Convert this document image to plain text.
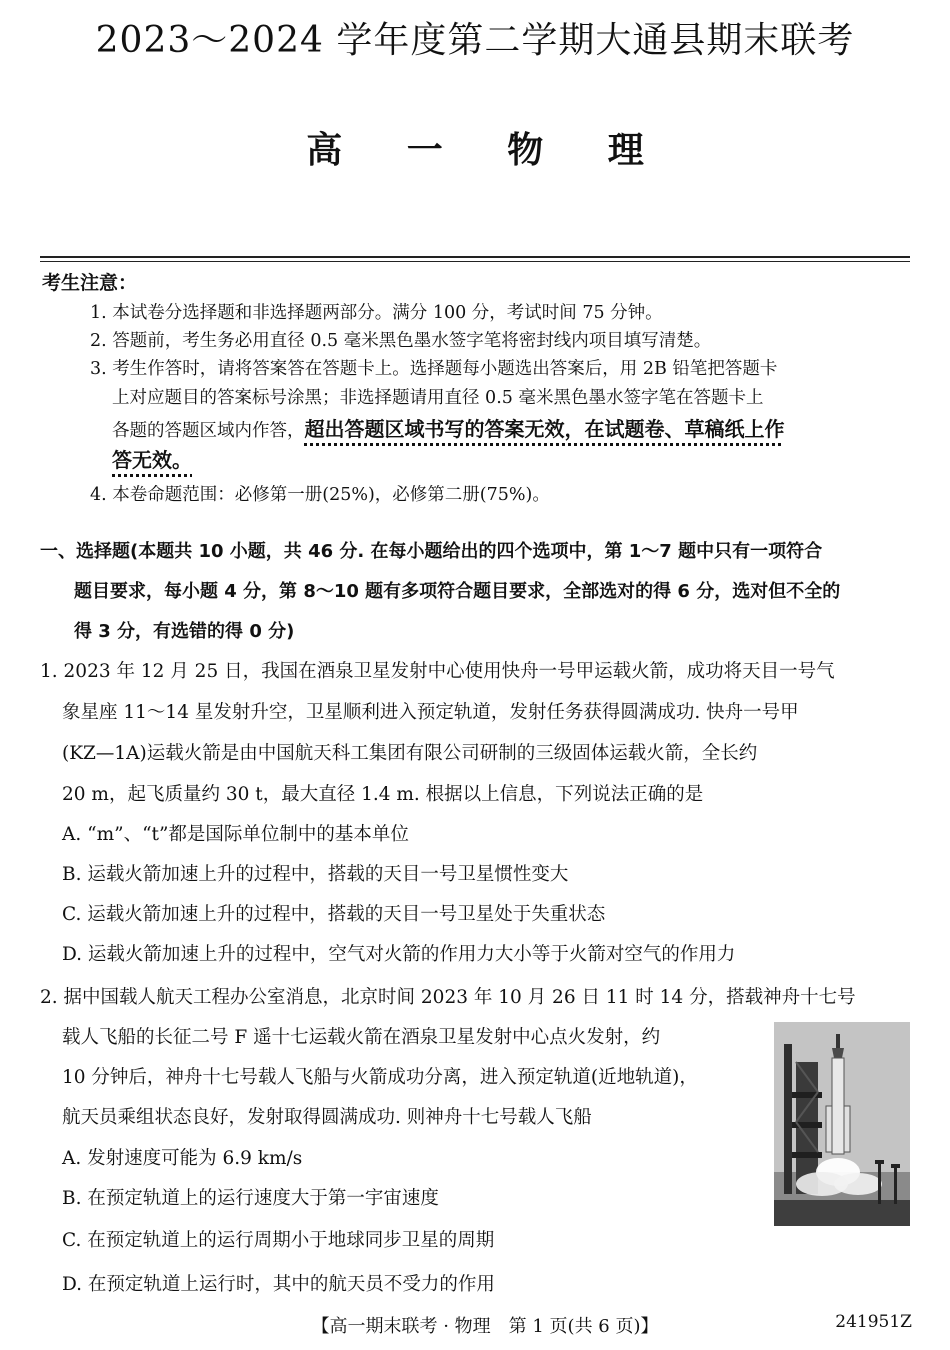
2023～2024 学年度第二学期大通县期末联考
高 一 物 理
考生注意：
1. 本试卷分选择题和非选择题两部分。满分 100 分，考试时间 75 分钟。
2. 答题前，考生务必用直径 0.5 毫米黑色墨水签字笔将密封线内项目填写清楚。
3. 考生作答时，请将答案答在答题卡上。选择题每小题选出答案后，用 2B 铅笔把答题卡
上对应题目的答案标号涂黑；非选择题请用直径 0.5 毫米黑色墨水签字笔在答题卡上
各题的答题区域内作答，超出答题区域书写的答案无效，在试题卷、草稿纸上作
答无效。
4. 本卷命题范围：必修第一册(25%)，必修第二册(75%)。
一、选择题(本题共 10 小题，共 46 分. 在每小题给出的四个选项中，第 1～7 题中只有一项符合
题目要求，每小题 4 分，第 8～10 题有多项符合题目要求，全部选对的得 6 分，选对但不全的
得 3 分，有选错的得 0 分)
1. 2023 年 12 月 25 日，我国在酒泉卫星发射中心使用快舟一号甲运载火箭，成功将天目一号气
象星座 11～14 星发射升空，卫星顺利进入预定轨道，发射任务获得圆满成功. 快舟一号甲
(KZ—1A)运载火箭是由中国航天科工集团有限公司研制的三级固体运载火箭，全长约
20 m，起飞质量约 30 t，最大直径 1.4 m. 根据以上信息，下列说法正确的是
A. “m”、“t”都是国际单位制中的基本单位
B. 运载火箭加速上升的过程中，搭载的天目一号卫星惯性变大
C. 运载火箭加速上升的过程中，搭载的天目一号卫星处于失重状态
D. 运载火箭加速上升的过程中，空气对火箭的作用力大小等于火箭对空气的作用力
2. 据中国载人航天工程办公室消息，北京时间 2023 年 10 月 26 日 11 时 14 分，搭载神舟十七号
载人飞船的长征二号 F 遥十七运载火箭在酒泉卫星发射中心点火发射，约
10 分钟后，神舟十七号载人飞船与火箭成功分离，进入预定轨道(近地轨道)，
航天员乘组状态良好，发射取得圆满成功. 则神舟十七号载人飞船
A. 发射速度可能为 6.9 km/s
B. 在预定轨道上的运行速度大于第一宇宙速度
C. 在预定轨道上的运行周期小于地球同步卫星的周期
D. 在预定轨道上运行时，其中的航天员不受力的作用
【高一期末联考 · 物理　第 1 页(共 6 页)】	241951Z
